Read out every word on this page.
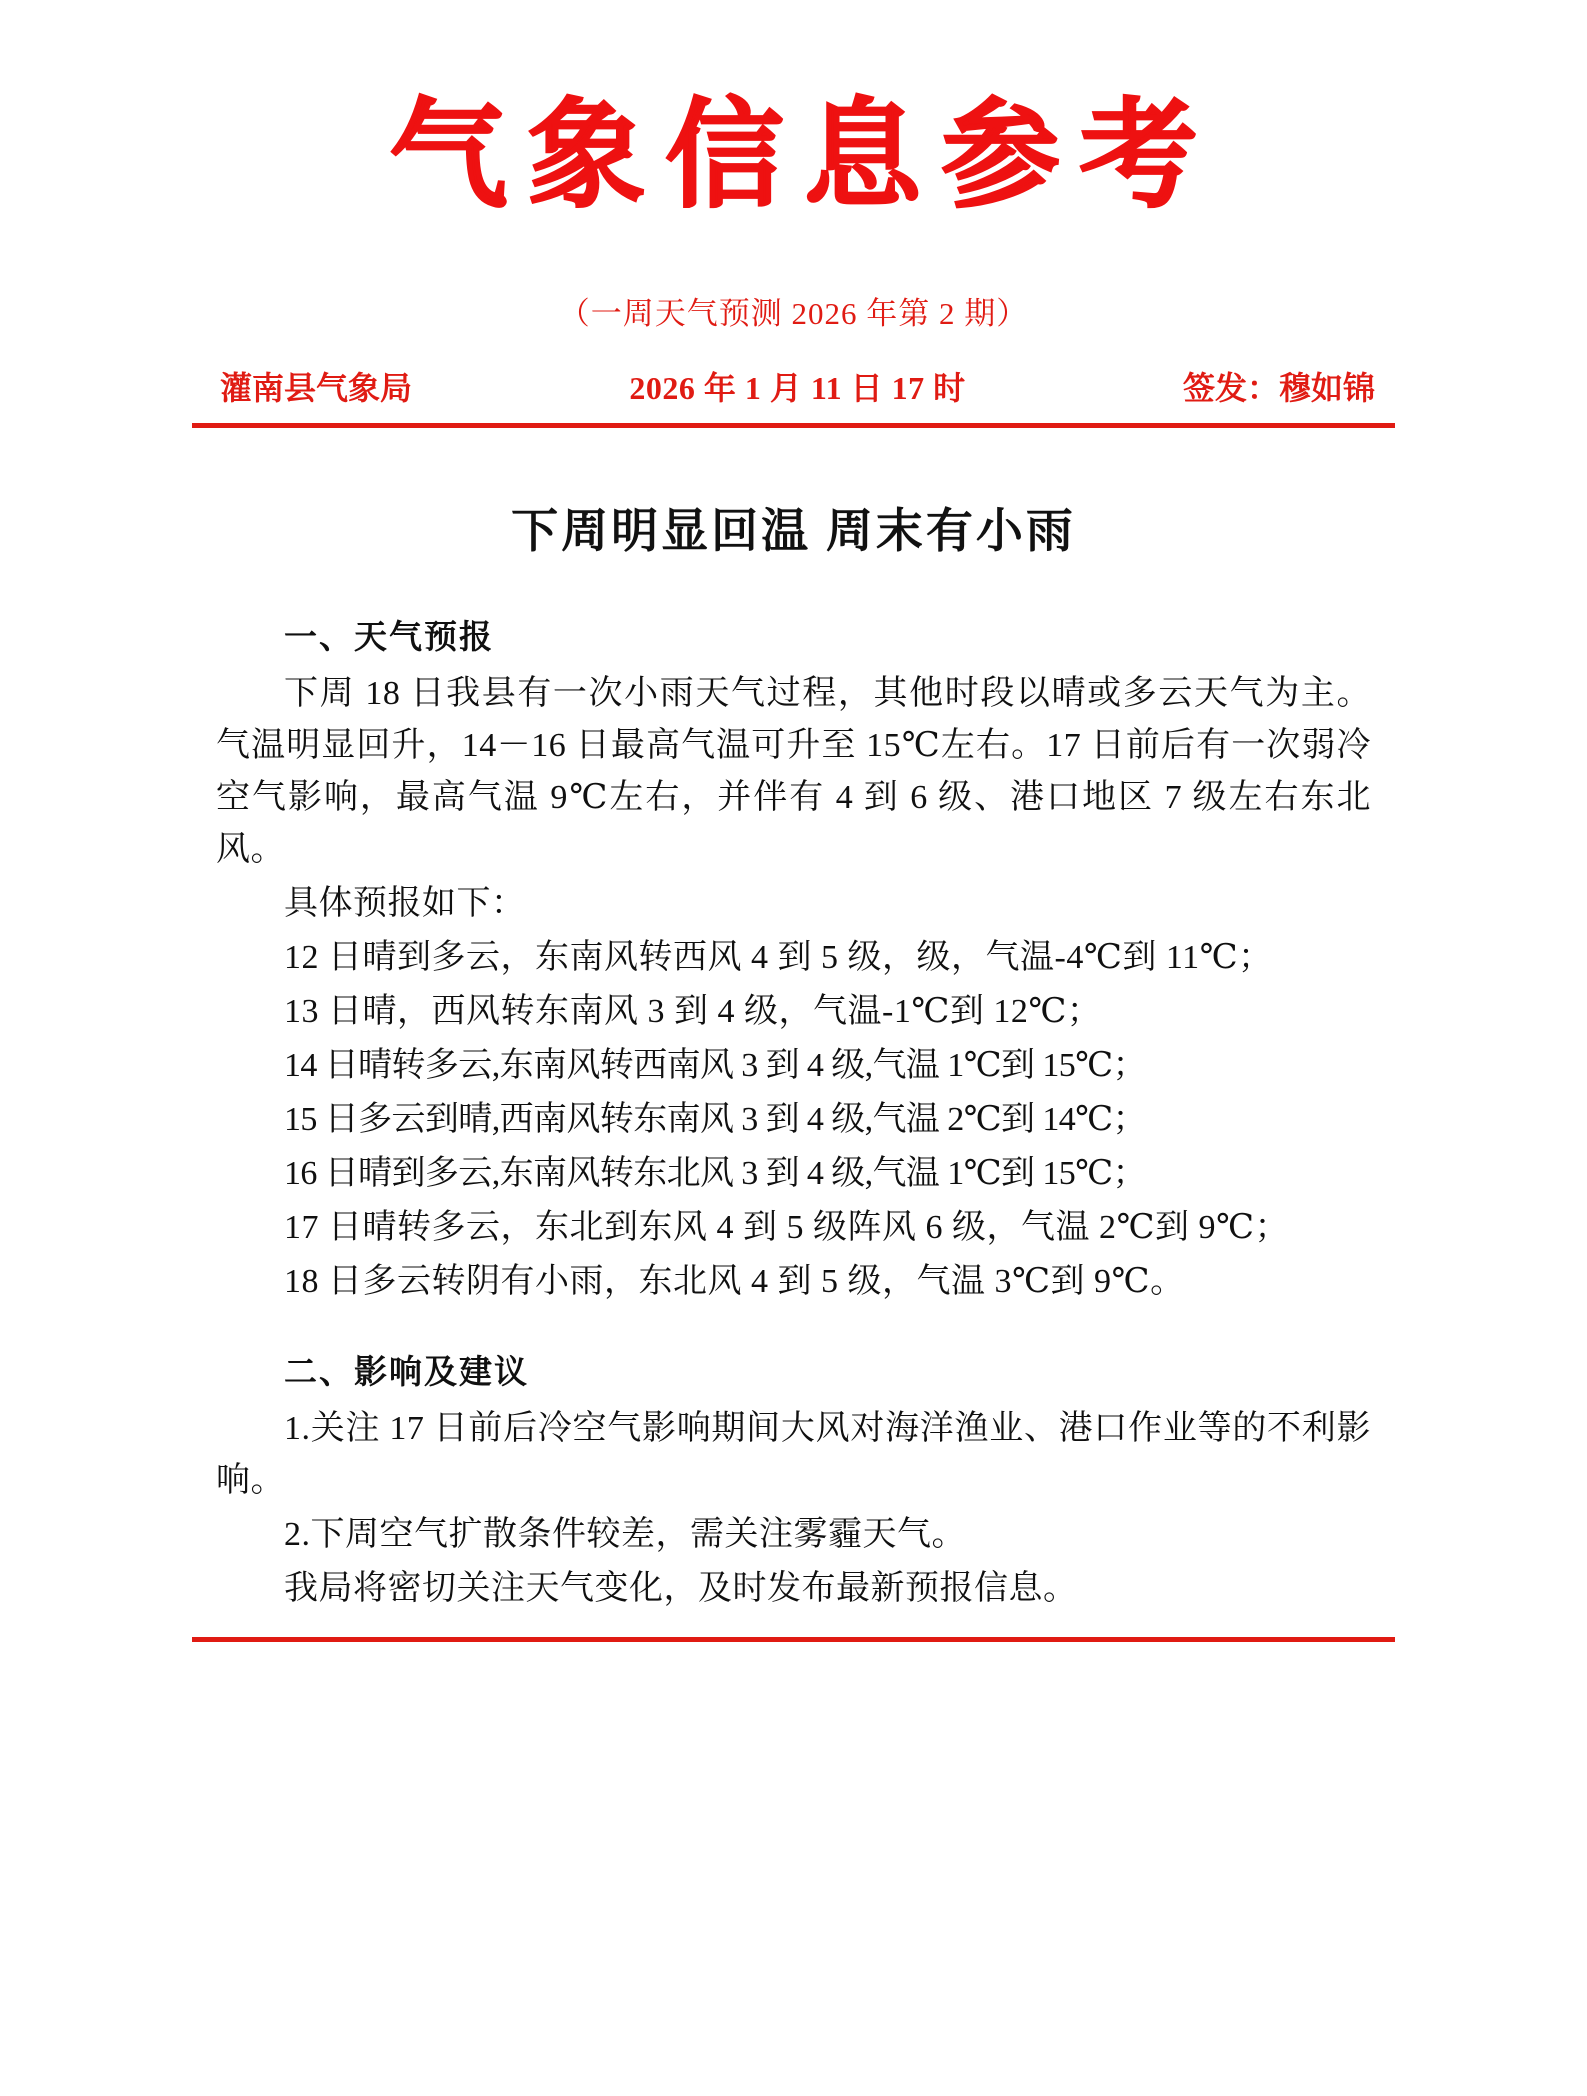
气象信息参考
（一周天气预测 2026 年第 2 期）
灌南县气象局	2026 年 1 月 11 日 17 时	签发：穆如锦
下周明显回温 周末有小雨
一、天气预报

下周 18 日我县有一次小雨天气过程，其他时段以晴或多云天气为主。气温明显回升，14－16 日最高气温可升至 15℃左右。17 日前后有一次弱冷空气影响，最高气温 9℃左右，并伴有 4 到 6 级、港口地区 7 级左右东北风。

具体预报如下：

12 日晴到多云，东南风转西风 4 到 5 级，级，气温-4℃到 11℃；

13 日晴，西风转东南风 3 到 4 级，气温-1℃到 12℃；

14 日晴转多云,东南风转西南风 3 到 4 级,气温 1℃到 15℃；

15 日多云到晴,西南风转东南风 3 到 4 级,气温 2℃到 14℃；

16 日晴到多云,东南风转东北风 3 到 4 级,气温 1℃到 15℃；

17 日晴转多云，东北到东风 4 到 5 级阵风 6 级，气温 2℃到 9℃；

18 日多云转阴有小雨，东北风 4 到 5 级，气温 3℃到 9℃。

二、影响及建议

1.关注 17 日前后冷空气影响期间大风对海洋渔业、港口作业等的不利影响。

2.下周空气扩散条件较差，需关注雾霾天气。

我局将密切关注天气变化，及时发布最新预报信息。
